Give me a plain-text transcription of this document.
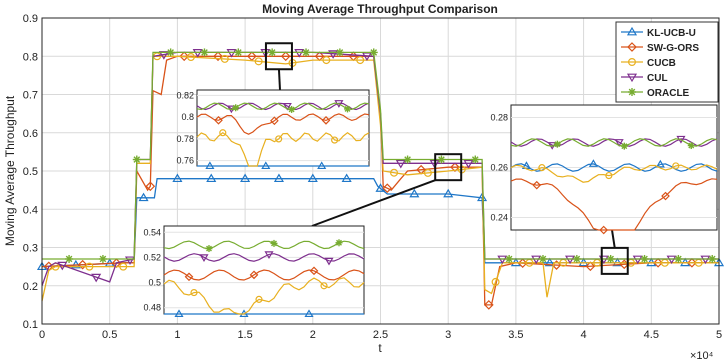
Moving Average Throughput Comparison
0	0.5	1	1.5	2	2.5	3	3.5	4	4.5	5
0.1
0.2
0.3
0.4
0.5
0.6
0.7
0.8
0.9
t
×10⁴
Moving Average Throughput
0.82
0.8
0.78
0.76
0.54
0.52
0.5
0.48
0.28
0.26
0.24
KL-UCB-U
SW-G-ORS
CUCB
CUL
ORACLE
